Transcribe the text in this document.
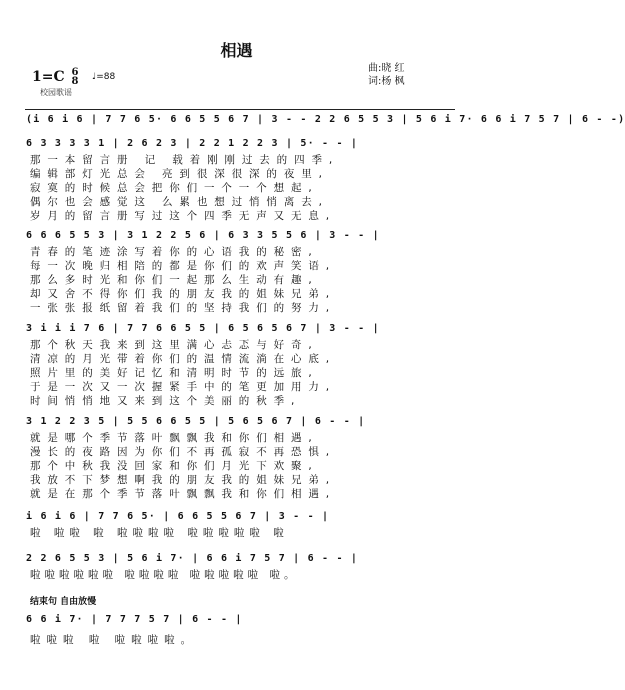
相遇
1=C 6
8 ♩=88
曲:晓 红
词:杨 枫
校园歌谣
(i 6 i 6 | 7 7 6 5· 6 6 5 5 6 7 | 3 - - 2 2 6 5 5 3 | 5 6 i 7· 6 6 i 7 5 7 | 6 - -)
6 3 3 3 3 1 | 2 6 2 3 | 2 2 1 2 2 3 | 5· - - |
那一本留言册 记 载着刚刚过去的四季,
编辑部灯光总会 亮到很深很深的夜里,
寂寞的时候总会把你们一个一个想起,
偶尔也会感觉这 么累也想过悄悄离去,
岁月的留言册写过这个四季无声又无息,
6 6 6 5 5 3 | 3 1 2 2 5 6 | 6 3 3 5 5 6 | 3 - - |
青春的笔迹涂写着你的心语我的秘密,
每一次晚归相陪的都是你们的欢声笑语,
那么多时光和你们一起那么生动有趣,
却又舍不得你们我的朋友我的姐妹兄弟,
一张张报纸留着我们的坚持我们的努力,
3 i i i 7 6 | 7 7 6 6 5 5 | 6 5 6 5 6 7 | 3 - - |
那个秋天我来到这里满心忐忑与好奇,
清凉的月光带着你们的温情流淌在心底,
照片里的美好记忆和清明时节的远旅,
于是一次又一次握紧手中的笔更加用力,
时间悄悄地又来到这个美丽的秋季,
3 1 2 2 3 5 | 5 5 6 6 5 5 | 5 6 5 6 7 | 6 - - |
就是哪个季节落叶飘飘我和你们相遇,
漫长的夜路因为你们不再孤寂不再恐惧,
那个中秋我没回家和你们月光下欢聚,
我放不下梦想啊我的朋友我的姐妹兄弟,
就是在那个季节落叶飘飘我和你们相遇,
i 6 i 6 | 7 7 6 5· | 6 6 5 5 6 7 | 3 - - |
啦 啦啦 啦 啦啦啦啦 啦啦啦啦啦 啦
2 2 6 5 5 3 | 5 6 i 7· | 6 6 i 7 5 7 | 6 - - |
啦啦啦啦啦啦 啦啦啦啦 啦啦啦啦啦 啦。
结束句 自由放慢
6 6 i 7· | 7 7 7 5 7 | 6 - - |
啦啦啦 啦 啦啦啦啦。
